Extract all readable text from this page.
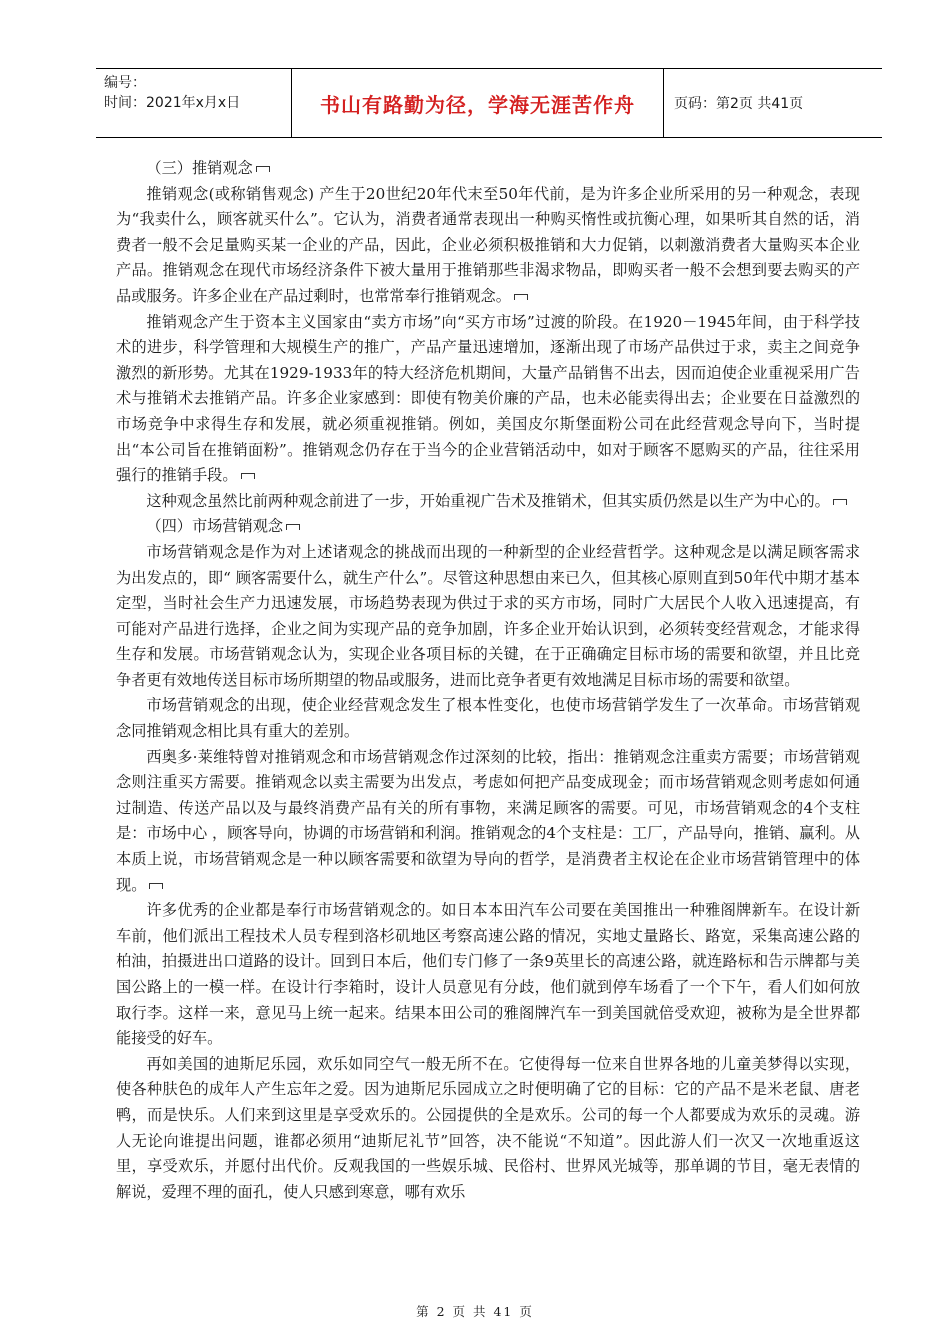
编号：
时间：2021年x月x日	书山有路勤为径，学海无涯苦作舟	页码：第2页 共41页

（三）推销观念

推销观念(或称销售观念) 产生于20世纪20年代末至50年代前，是为许多企业所采用的另一种观念，表现为“我卖什么，顾客就买什么”。它认为，消费者通常表现出一种购买惰性或抗衡心理，如果听其自然的话，消费者一般不会足量购买某一企业的产品，因此，企业必须积极推销和大力促销，以刺激消费者大量购买本企业产品。推销观念在现代市场经济条件下被大量用于推销那些非渴求物品，即购买者一般不会想到要去购买的产品或服务。许多企业在产品过剩时，也常常奉行推销观念。

推销观念产生于资本主义国家由“卖方市场”向“买方市场”过渡的阶段。在1920－1945年间，由于科学技术的进步，科学管理和大规模生产的推广，产品产量迅速增加，逐渐出现了市场产品供过于求，卖主之间竞争激烈的新形势。尤其在1929-1933年的特大经济危机期间，大量产品销售不出去，因而迫使企业重视采用广告术与推销术去推销产品。许多企业家感到：即使有物美价廉的产品，也未必能卖得出去；企业要在日益激烈的市场竞争中求得生存和发展，就必须重视推销。例如，美国皮尔斯堡面粉公司在此经营观念导向下，当时提出“本公司旨在推销面粉”。推销观念仍存在于当今的企业营销活动中，如对于顾客不愿购买的产品，往往采用强行的推销手段。

这种观念虽然比前两种观念前进了一步，开始重视广告术及推销术，但其实质仍然是以生产为中心的。

（四）市场营销观念

市场营销观念是作为对上述诸观念的挑战而出现的一种新型的企业经营哲学。这种观念是以满足顾客需求为出发点的，即“ 顾客需要什么，就生产什么”。尽管这种思想由来已久，但其核心原则直到50年代中期才基本定型，当时社会生产力迅速发展，市场趋势表现为供过于求的买方市场，同时广大居民个人收入迅速提高，有可能对产品进行选择，企业之间为实现产品的竞争加剧，许多企业开始认识到，必须转变经营观念，才能求得生存和发展。市场营销观念认为，实现企业各项目标的关键，在于正确确定目标市场的需要和欲望，并且比竞争者更有效地传送目标市场所期望的物品或服务，进而比竞争者更有效地满足目标市场的需要和欲望。

市场营销观念的出现，使企业经营观念发生了根本性变化，也使市场营销学发生了一次革命。市场营销观念同推销观念相比具有重大的差别。

西奥多·莱维特曾对推销观念和市场营销观念作过深刻的比较，指出：推销观念注重卖方需要；市场营销观念则注重买方需要。推销观念以卖主需要为出发点，考虑如何把产品变成现金；而市场营销观念则考虑如何通过制造、传送产品以及与最终消费产品有关的所有事物，来满足顾客的需要。可见，市场营销观念的4个支柱是：市场中心 ，顾客导向，协调的市场营销和利润。推销观念的4个支柱是：工厂，产品导向，推销、赢利。从本质上说，市场营销观念是一种以顾客需要和欲望为导向的哲学，是消费者主权论在企业市场营销管理中的体现。

许多优秀的企业都是奉行市场营销观念的。如日本本田汽车公司要在美国推出一种雅阁牌新车。在设计新车前，他们派出工程技术人员专程到洛杉矶地区考察高速公路的情况，实地丈量路长、路宽，采集高速公路的柏油，拍摄进出口道路的设计。回到日本后，他们专门修了一条9英里长的高速公路，就连路标和告示牌都与美国公路上的一模一样。在设计行李箱时，设计人员意见有分歧，他们就到停车场看了一个下午，看人们如何放取行李。这样一来，意见马上统一起来。结果本田公司的雅阁牌汽车一到美国就倍受欢迎，被称为是全世界都能接受的好车。

再如美国的迪斯尼乐园，欢乐如同空气一般无所不在。它使得每一位来自世界各地的儿童美梦得以实现，使各种肤色的成年人产生忘年之爱。因为迪斯尼乐园成立之时便明确了它的目标：它的产品不是米老鼠、唐老鸭，而是快乐。人们来到这里是享受欢乐的。公园提供的全是欢乐。公司的每一个人都要成为欢乐的灵魂。游人无论向谁提出问题，谁都必须用“迪斯尼礼节”回答，决不能说“不知道”。因此游人们一次又一次地重返这里，享受欢乐，并愿付出代价。反观我国的一些娱乐城、民俗村、世界风光城等，那单调的节目，毫无表情的解说，爱理不理的面孔，使人只感到寒意，哪有欢乐

第 2 页 共 41 页
